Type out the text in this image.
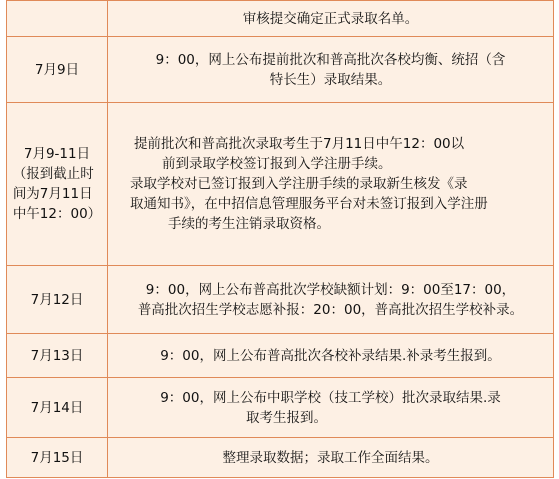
	审核提交确定正式录取名单。

7月9日	9：00，网上公布提前批次和普高批次各校均衡、统招（含
特长生）录取结果。

7月9-11日
（报到截止时
间为7月11日
中午12：00）	提前批次和普高批次录取考生于7月11日中午12：00以
前到录取学校签订报到入学注册手续。
录取学校对已签订报到入学注册手续的录取新生核发《录
取通知书》，在中招信息管理服务平台对未签订报到入学注册
手续的考生注销录取资格。

7月12日	9：00，网上公布普高批次学校缺额计划：9：00至17：00，
普高批次招生学校志愿补报：20：00，普高批次招生学校补录。

7月13日	9：00，网上公布普高批次各校补录结果.补录考生报到。

7月14日	9：00，网上公布中职学校（技工学校）批次录取结果.录
取考生报到。

7月15日	整理录取数据；录取工作全面结果。
